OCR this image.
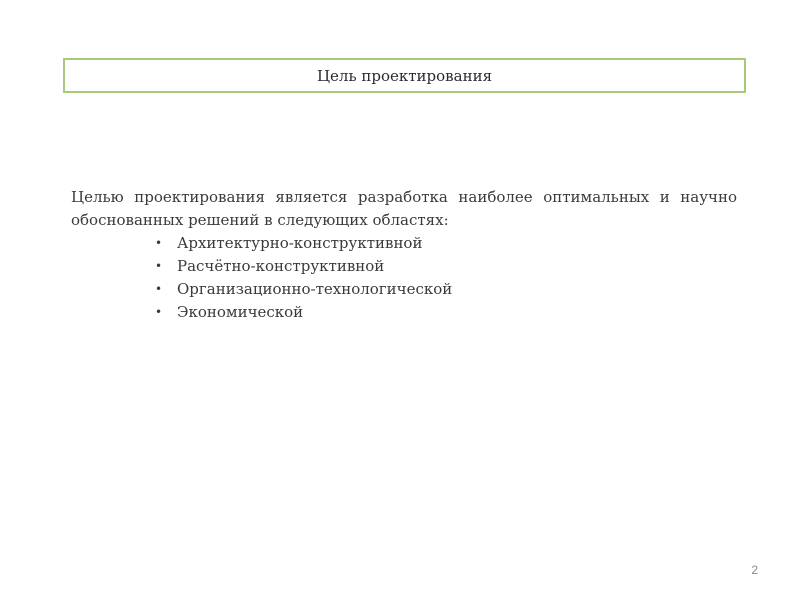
Цель проектирования

Целью проектирования является разработка наиболее оптимальных и научно обоснованных решений в следующих областях:

• Архитектурно-конструктивной
• Расчётно-конструктивной
• Организационно-технологической
• Экономической
2
